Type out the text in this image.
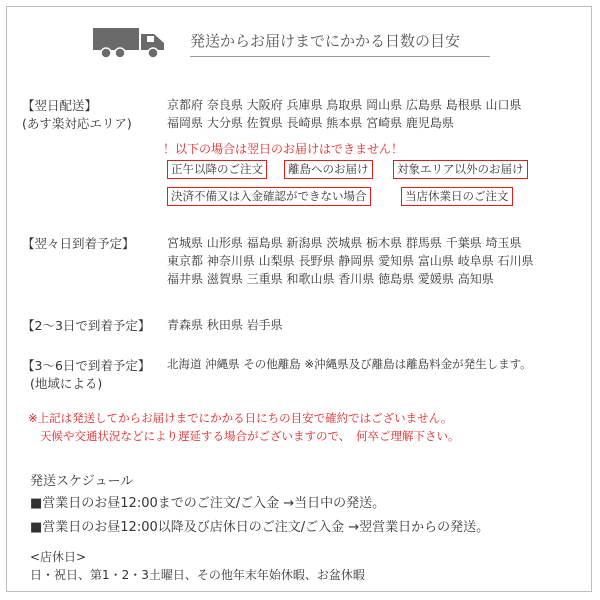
発送からお届けまでにかかる日数の目安
【翌日配送】
(あす楽対応エリア)
京都府 奈良県 大阪府 兵庫県 鳥取県 岡山県 広島県 島根県 山口県
福岡県 大分県 佐賀県 長崎県 熊本県 宮崎県 鹿児島県
！以下の場合は翌日のお届けはできません！
正午以降のご注文	離島へのお届け	対象エリア以外のお届け
決済不備又は入金確認ができない場合	当店休業日のご注文
【翌々日到着予定】	宮城県 山形県 福島県 新潟県 茨城県 栃木県 群馬県 千葉県 埼玉県
東京都 神奈川県 山梨県 長野県 静岡県 愛知県 富山県 岐阜県 石川県
福井県 滋賀県 三重県 和歌山県 香川県 徳島県 愛媛県 高知県
【2〜3日で到着予定】 青森県 秋田県 岩手県
【3〜6日で到着予定】 北海道 沖縄県 その他離島 ※沖縄県及び離島は離島料金が発生します。
(地域による)
※上記は発送してからお届けまでにかかる日にちの目安で確約ではございません。
天候や交通状況などにより遅延する場合がございますので、　何卒ご理解下さい。
発送スケジュール
■営業日のお昼12:00までのご注文/ご入金 →当日中の発送。
■営業日のお昼12:00以降及び店休日のご注文/ご入金 →翌営業日からの発送。
<店休日>
日・祝日、第1・2・3土曜日、その他年末年始休暇、お盆休暇
